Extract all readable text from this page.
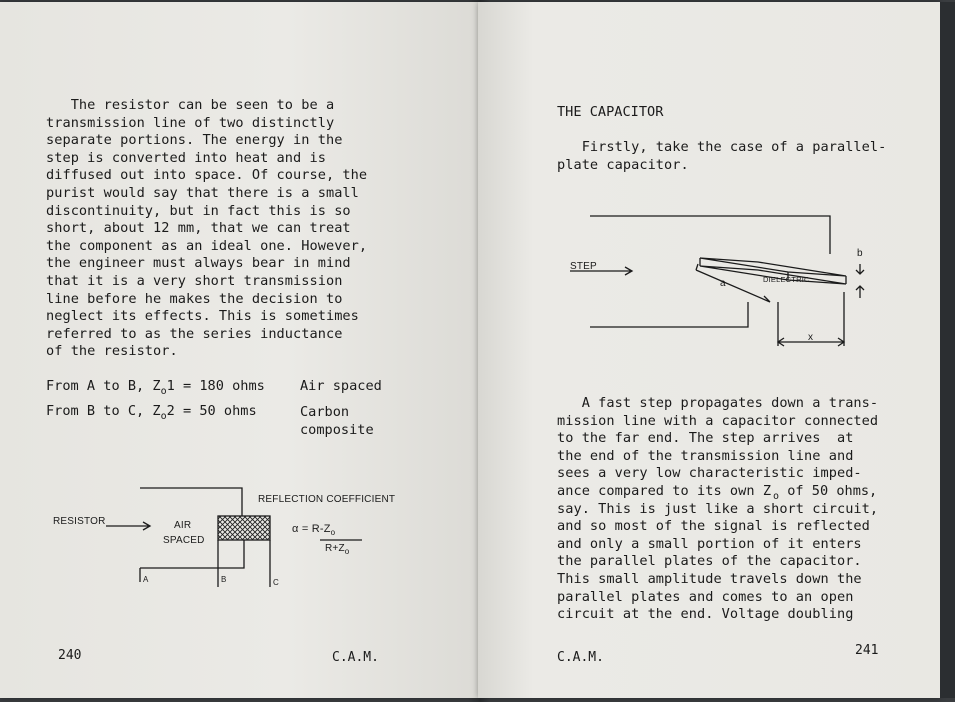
The resistor can be seen to be a
transmission line of two distinctly
separate portions. The energy in the
step is converted into heat and is
diffused out into space. Of course, the
purist would say that there is a small
discontinuity, but in fact this is so
short, about 12 mm, that we can treat
the component as an ideal one. However,
the engineer must always bear in mind
that it is a very short transmission
line before he makes the decision to
neglect its effects. This is sometimes
referred to as the series inductance
of the resistor.
From A to B, $Z_o1 = 180$ ohms	Air spaced
From B to C, $Z_o2 = 50$ ohms	Carbon
composite
RESISTOR	AIR
SPACED
A	B	C
REFLECTION COEFFICIENT
$\alpha = R-Z_o$
$R+Z_o$
240	C.A.M.
THE CAPACITOR
Firstly, take the case of a parallel-
plate capacitor.
STEP
DIELECTRIC
a
b
x
A fast step propagates down a trans-
mission line with a capacitor connected
to the far end. The step arrives  at
the end of the transmission line and
sees a very low characteristic imped-
ance compared to its own Z
say. This is just like a short circuit,
and so most of the signal is reflected
and only a small portion of it enters
the parallel plates of the capacitor.
This small amplitude travels down the
parallel plates and comes to an open
circuit at the end. Voltage doubling
$_o$ of 50 ohms,
C.A.M.	241
